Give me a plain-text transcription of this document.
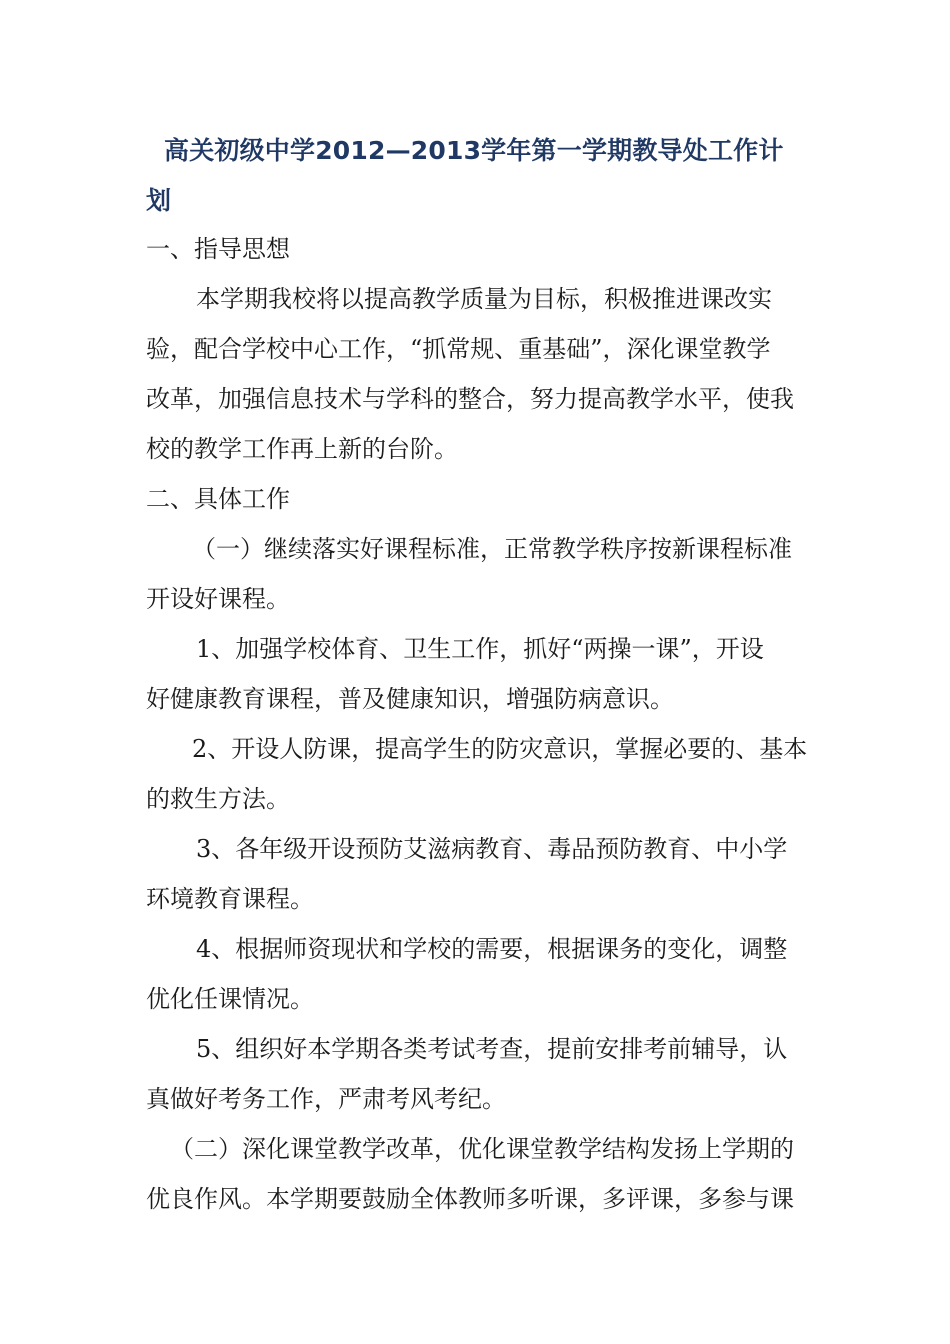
高关初级中学2012—2013学年第一学期教导处工作计
划

一、指导思想

本学期我校将以提高教学质量为目标，积极推进课改实

验，配合学校中心工作，“抓常规、重基础”，深化课堂教学

改革，加强信息技术与学科的整合，努力提高教学水平，使我

校的教学工作再上新的台阶。

二、具体工作

（一）继续落实好课程标准，正常教学秩序按新课程标准

开设好课程。

1、加强学校体育、卫生工作，抓好“两操一课”，开设

好健康教育课程，普及健康知识，增强防病意识。

2、开设人防课，提高学生的防灾意识，掌握必要的、基本

的救生方法。

3、各年级开设预防艾滋病教育、毒品预防教育、中小学

环境教育课程。

4、根据师资现状和学校的需要，根据课务的变化，调整

优化任课情况。

5、组织好本学期各类考试考查，提前安排考前辅导，认

真做好考务工作，严肃考风考纪。

（二）深化课堂教学改革，优化课堂教学结构发扬上学期的

优良作风。本学期要鼓励全体教师多听课，多评课，多参与课
